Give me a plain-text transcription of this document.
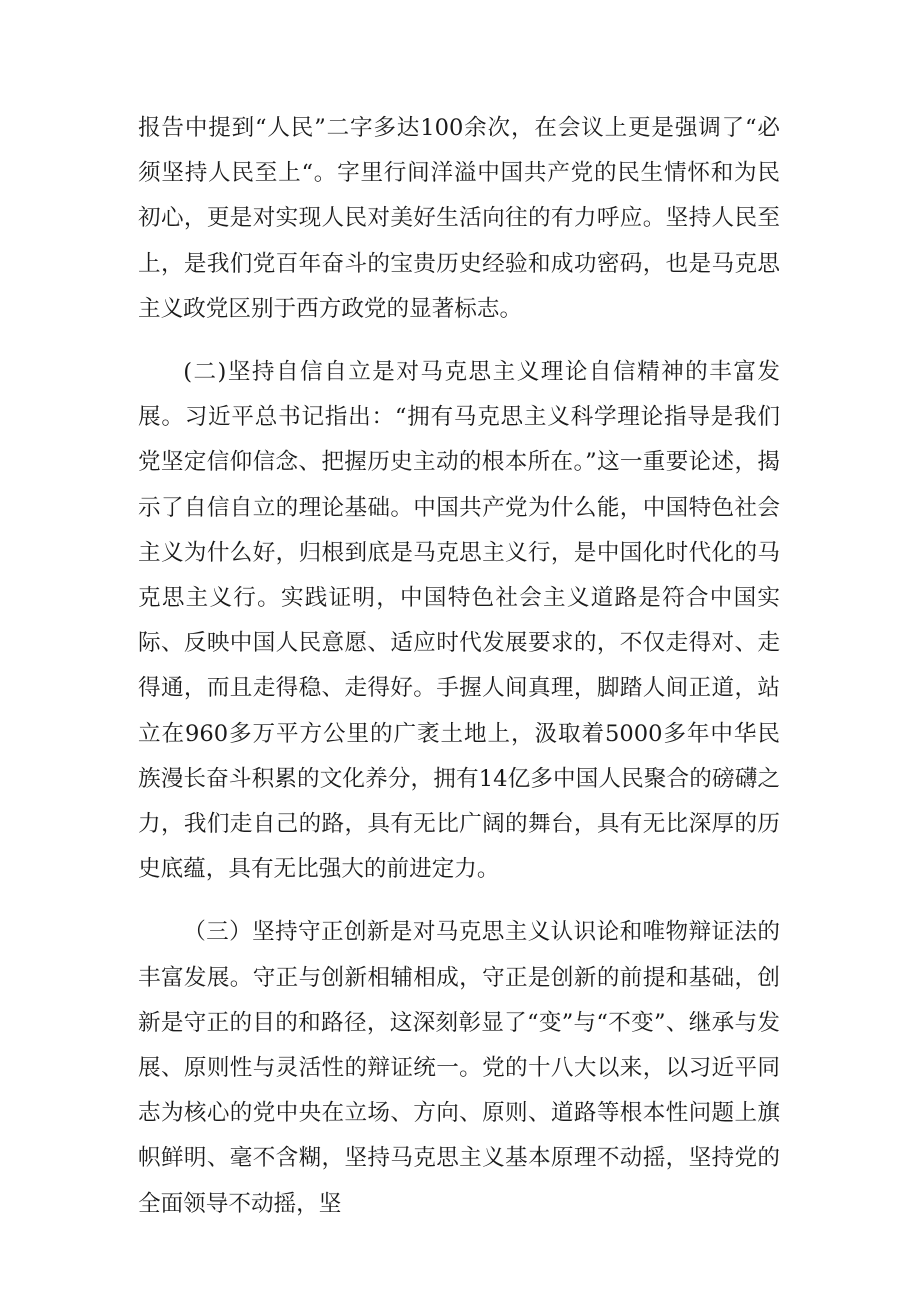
报告中提到“人民”二字多达100余次，在会议上更是强调了“必须坚持人民至上“。字里行间洋溢中国共产党的民生情怀和为民初心，更是对实现人民对美好生活向往的有力呼应。坚持人民至上，是我们党百年奋斗的宝贵历史经验和成功密码，也是马克思主义政党区别于西方政党的显著标志。

(二)坚持自信自立是对马克思主义理论自信精神的丰富发展。习近平总书记指出：“拥有马克思主义科学理论指导是我们党坚定信仰信念、把握历史主动的根本所在。”这一重要论述，揭示了自信自立的理论基础。中国共产党为什么能，中国特色社会主义为什么好，归根到底是马克思主义行，是中国化时代化的马克思主义行。实践证明，中国特色社会主义道路是符合中国实际、反映中国人民意愿、适应时代发展要求的，不仅走得对、走得通，而且走得稳、走得好。手握人间真理，脚踏人间正道，站立在960多万平方公里的广袤土地上，汲取着5000多年中华民族漫长奋斗积累的文化养分，拥有14亿多中国人民聚合的磅礴之力，我们走自己的路，具有无比广阔的舞台，具有无比深厚的历史底蕴，具有无比强大的前进定力。

（三）坚持守正创新是对马克思主义认识论和唯物辩证法的丰富发展。守正与创新相辅相成，守正是创新的前提和基础，创新是守正的目的和路径，这深刻彰显了“变”与“不变”、继承与发展、原则性与灵活性的辩证统一。党的十八大以来，以习近平同志为核心的党中央在立场、方向、原则、道路等根本性问题上旗帜鲜明、毫不含糊，坚持马克思主义基本原理不动摇，坚持党的全面领导不动摇，坚
